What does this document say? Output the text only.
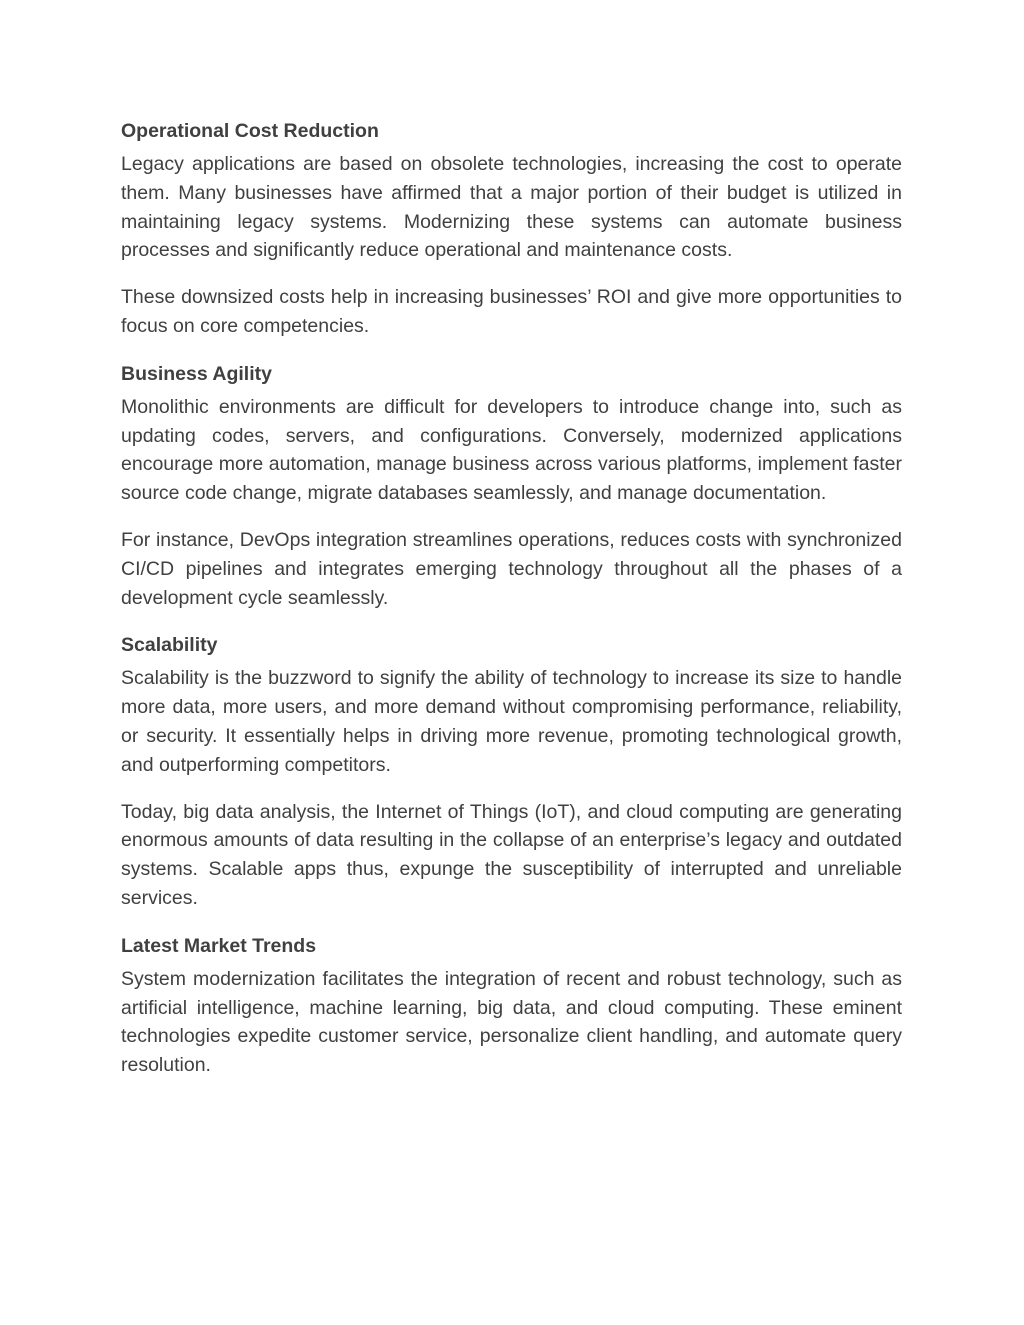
Operational Cost Reduction

Legacy applications are based on obsolete technologies, increasing the cost to operate them. Many businesses have affirmed that a major portion of their budget is utilized in maintaining legacy systems. Modernizing these systems can automate business processes and significantly reduce operational and maintenance costs.

These downsized costs help in increasing businesses’ ROI and give more opportunities to focus on core competencies.

Business Agility

Monolithic environments are difficult for developers to introduce change into, such as updating codes, servers, and configurations. Conversely, modernized applications encourage more automation, manage business across various platforms, implement faster source code change, migrate databases seamlessly, and manage documentation.

For instance, DevOps integration streamlines operations, reduces costs with synchronized CI/CD pipelines and integrates emerging technology throughout all the phases of a development cycle seamlessly.

Scalability

Scalability is the buzzword to signify the ability of technology to increase its size to handle more data, more users, and more demand without compromising performance, reliability, or security. It essentially helps in driving more revenue, promoting technological growth, and outperforming competitors.

Today, big data analysis, the Internet of Things (IoT), and cloud computing are generating enormous amounts of data resulting in the collapse of an enterprise’s legacy and outdated systems. Scalable apps thus, expunge the susceptibility of interrupted and unreliable services.

Latest Market Trends

System modernization facilitates the integration of recent and robust technology, such as artificial intelligence, machine learning, big data, and cloud computing. These eminent technologies expedite customer service, personalize client handling, and automate query resolution.
